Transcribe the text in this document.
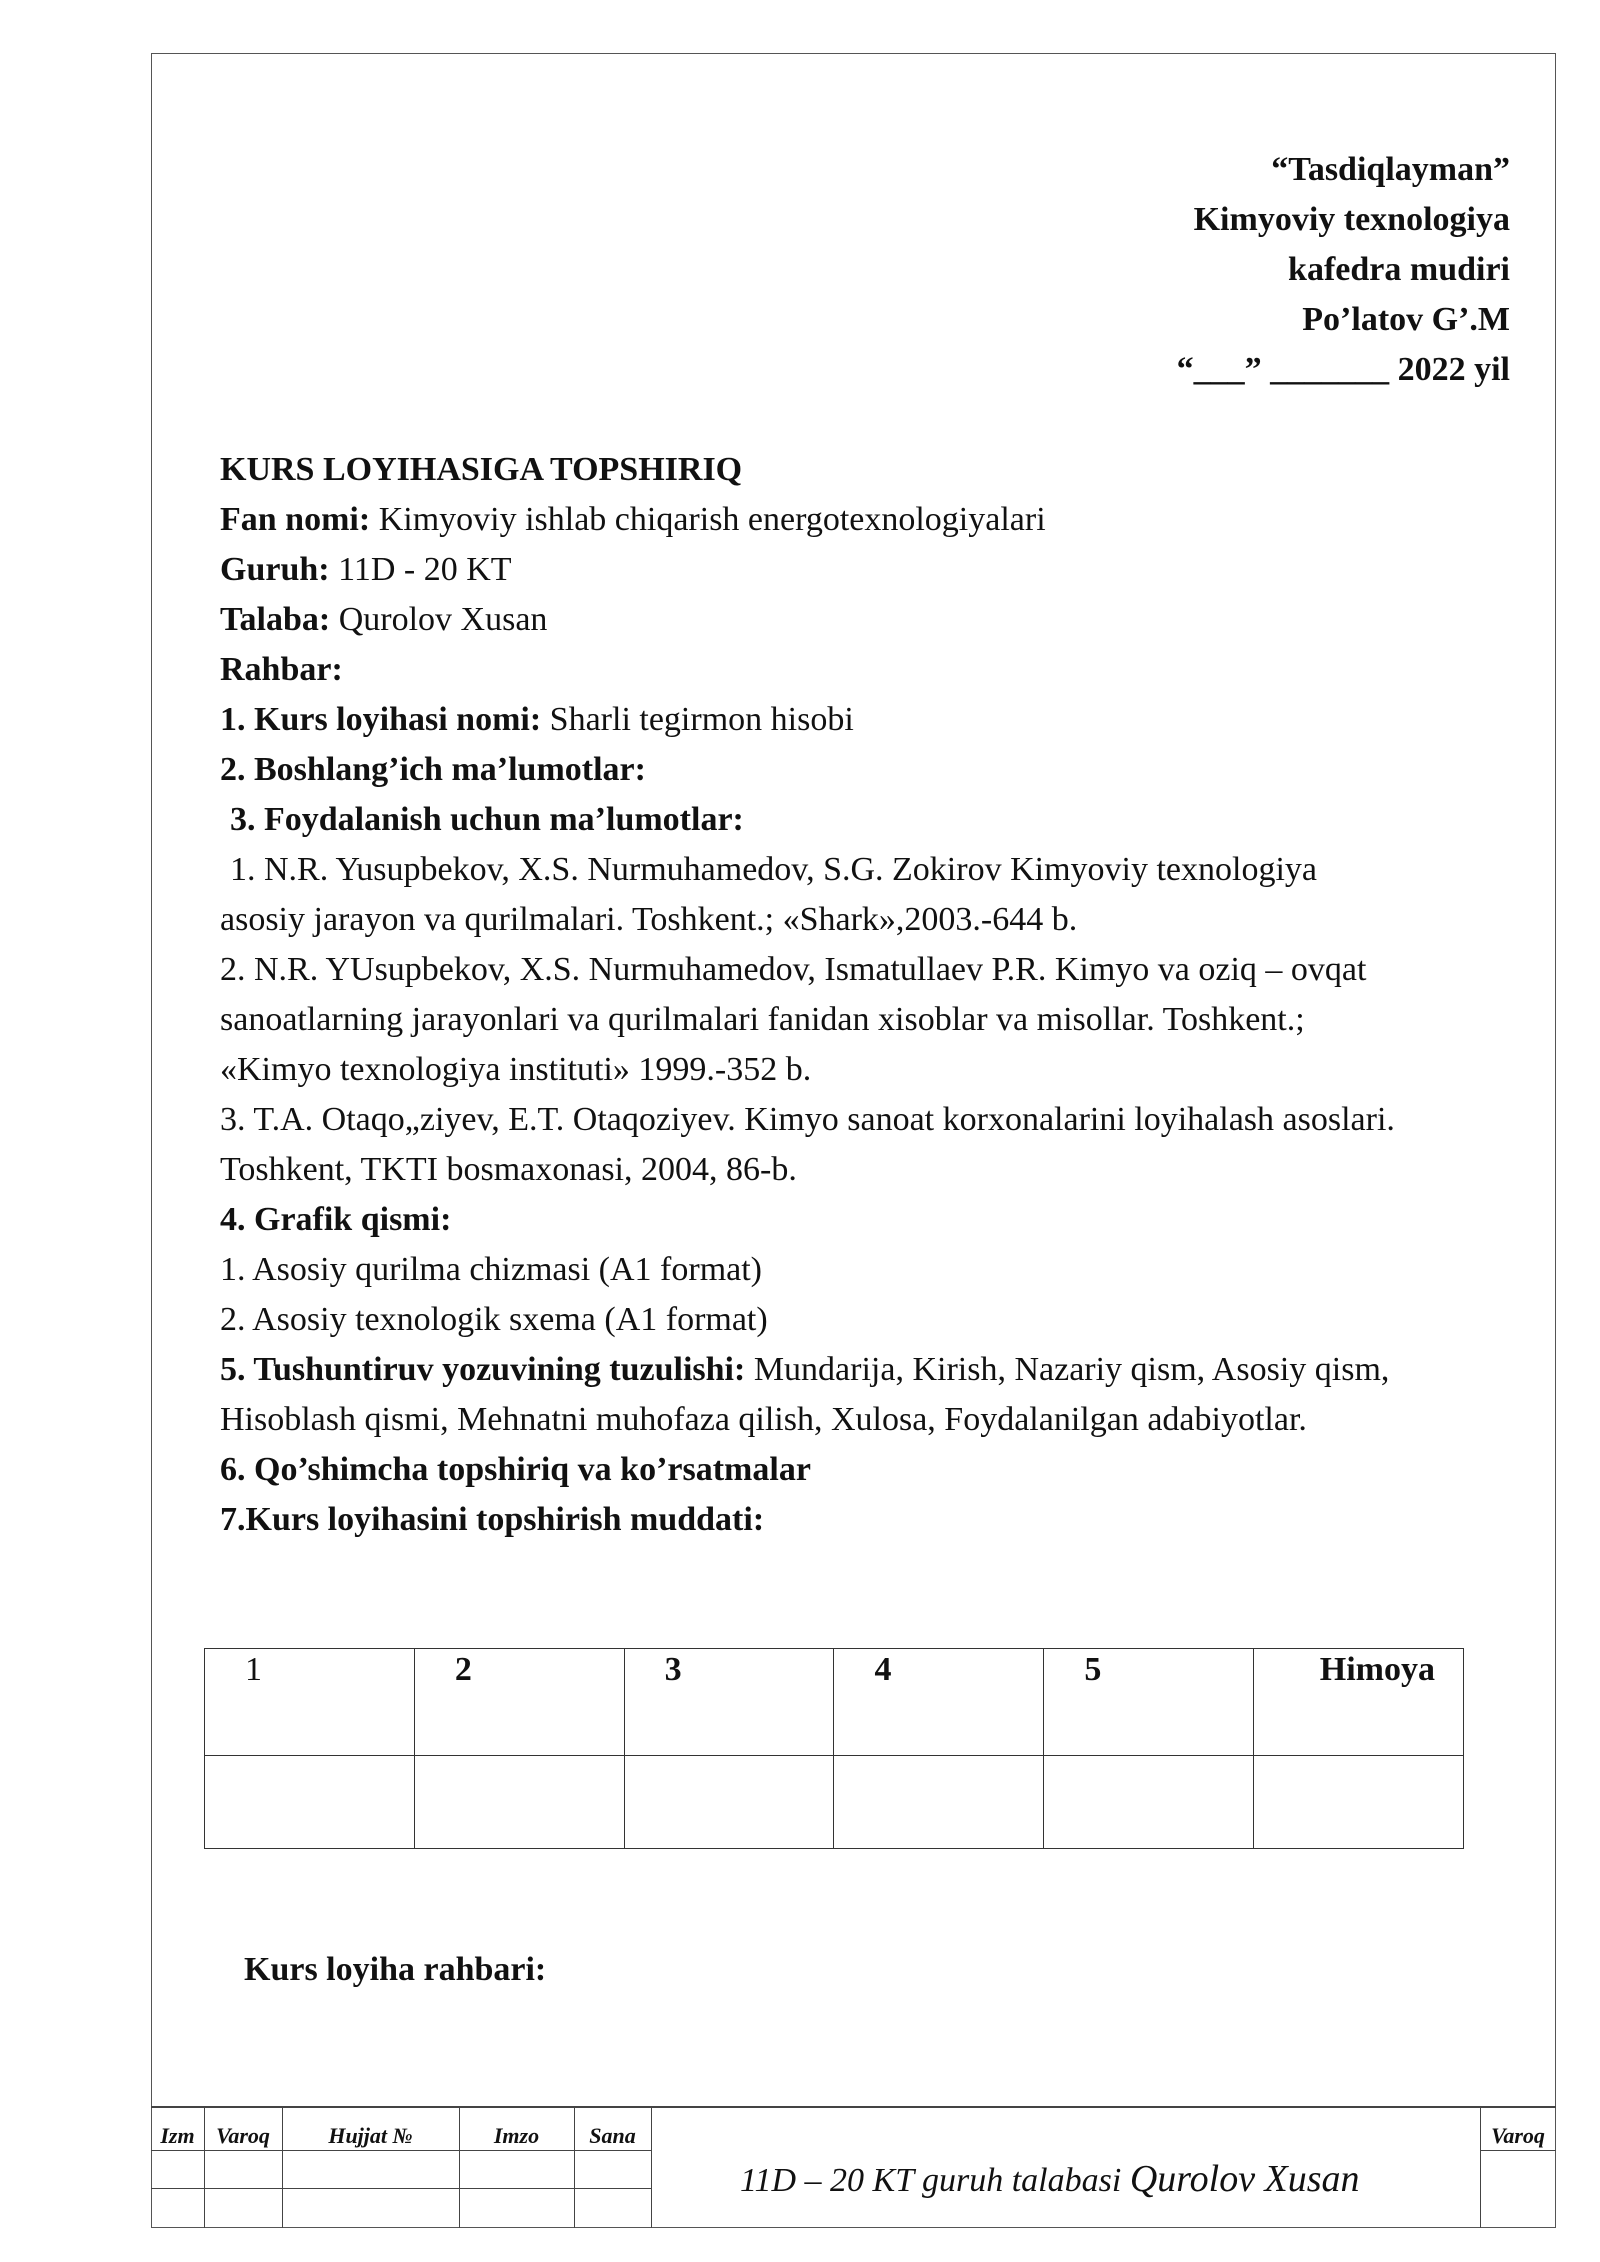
“Tasdiqlayman”
Kimyoviy texnologiya
kafedra mudiri
Po’latov G’.M
“___” _______ 2022 yil

KURS LOYIHASIGA TOPSHIRIQ

Fan nomi: Kimyoviy ishlab chiqarish energotexnologiyalari

Guruh: 11D - 20 KT

Talaba: Qurolov Xusan

Rahbar:

1. Kurs loyihasi nomi: Sharli tegirmon hisobi

2. Boshlang’ich ma’lumotlar:

3. Foydalanish uchun ma’lumotlar:

1. N.R. Yusupbekov, X.S. Nurmuhamedov, S.G. Zokirov Kimyoviy texnologiya

asosiy jarayon va qurilmalari. Toshkent.; «Shark»,2003.-644 b.

2. N.R. YUsupbekov, X.S. Nurmuhamedov, Ismatullaev P.R. Kimyo va oziq – ovqat

sanoatlarning jarayonlari va qurilmalari fanidan xisoblar va misollar. Toshkent.;

«Kimyo texnologiya instituti» 1999.-352 b.

3. T.A. Otaqo„ziyev, E.T. Otaqoziyev. Kimyo sanoat korxonalarini loyihalash asoslari.

Toshkent, TKTI bosmaxonasi, 2004, 86-b.

4. Grafik qismi:

1. Asosiy qurilma chizmasi (A1 format)

2. Asosiy texnologik sxema (A1 format)

5. Tushuntiruv yozuvining tuzulishi: Mundarija, Kirish, Nazariy qism, Asosiy qism,

Hisoblash qismi, Mehnatni muhofaza qilish, Xulosa, Foydalanilgan adabiyotlar.

6. Qo’shimcha topshiriq va ko’rsatmalar

7.Kurs loyihasini topshirish muddati:

1	2	3	4	5	Himoya

Kurs loyiha rahbari:
Izm Varoq	Hujjat №	Imzo	Sana	Varoq
11D – 20 KT guruh talabasi Qurolov Xusan
